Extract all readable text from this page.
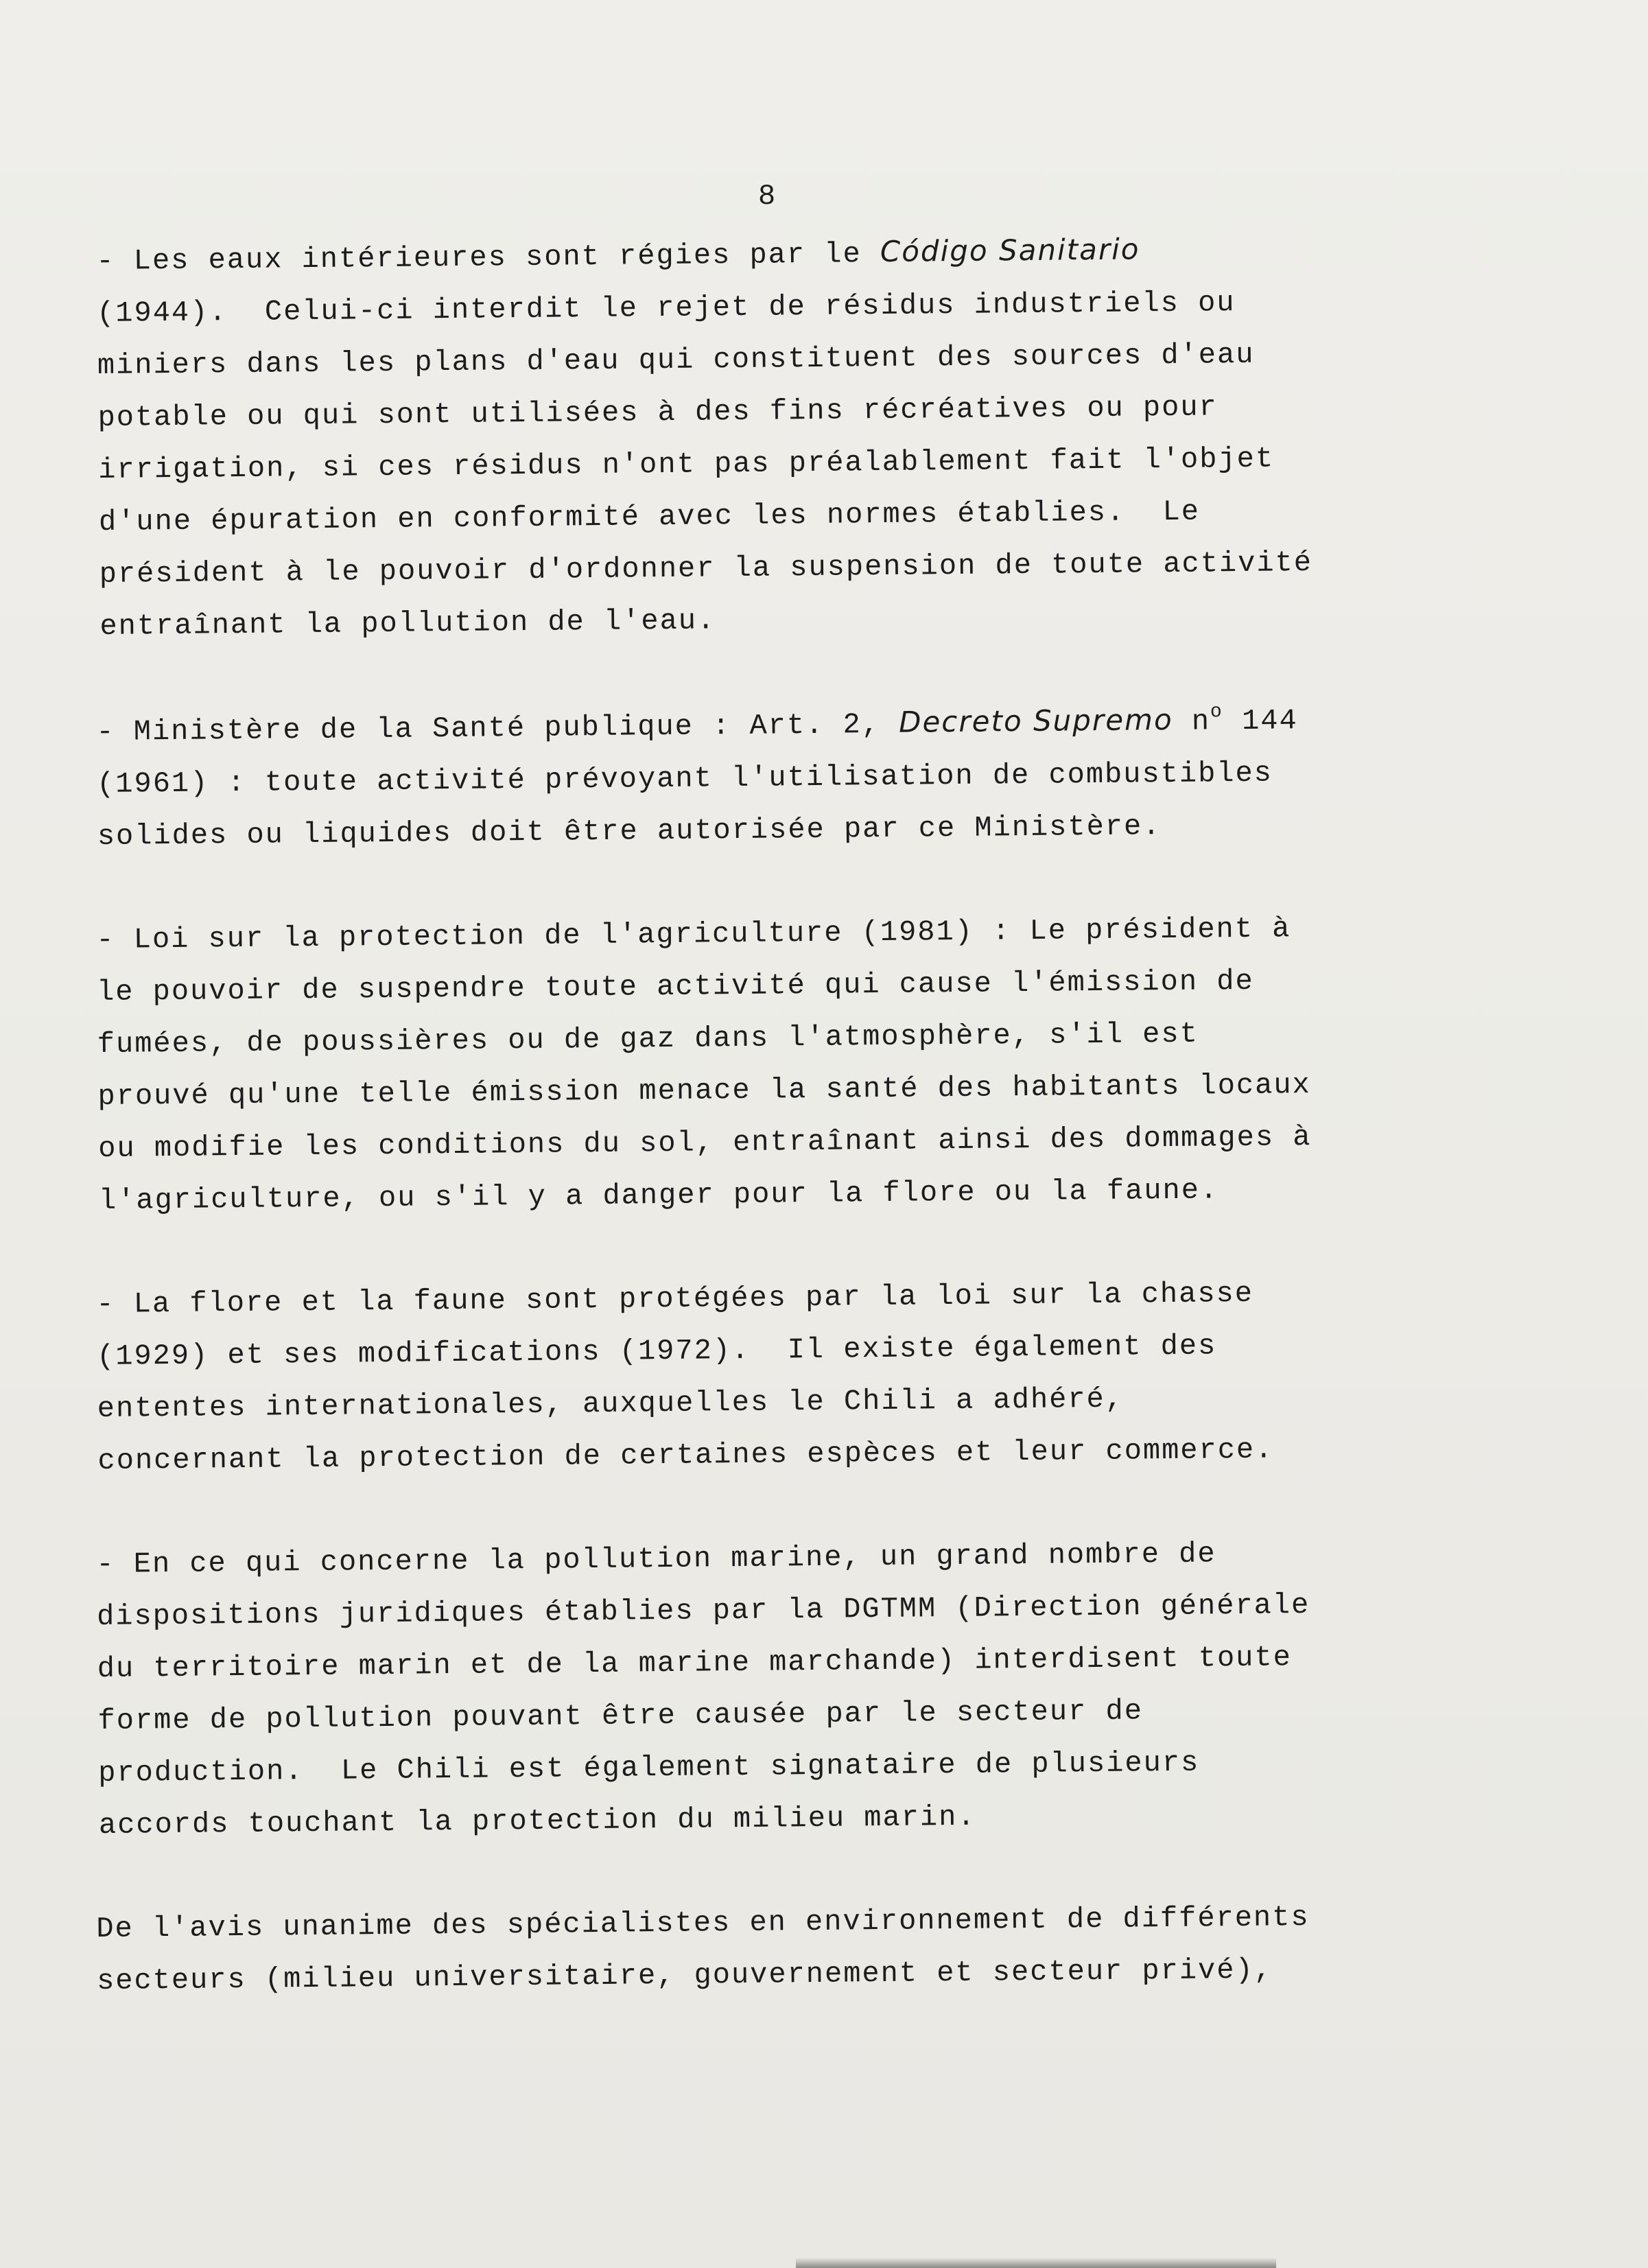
8

- Les eaux intérieures sont régies par le Código Sanitario
(1944).  Celui-ci interdit le rejet de résidus industriels ou
miniers dans les plans d'eau qui constituent des sources d'eau
potable ou qui sont utilisées à des fins récréatives ou pour
irrigation, si ces résidus n'ont pas préalablement fait l'objet
d'une épuration en conformité avec les normes établies.  Le
président à le pouvoir d'ordonner la suspension de toute activité
entraînant la pollution de l'eau.

- Ministère de la Santé publique : Art. 2, Decreto Supremo $n^o$ 144
(1961) : toute activité prévoyant l'utilisation de combustibles
solides ou liquides doit être autorisée par ce Ministère.

- Loi sur la protection de l'agriculture (1981) : Le président à
le pouvoir de suspendre toute activité qui cause l'émission de
fumées, de poussières ou de gaz dans l'atmosphère, s'il est
prouvé qu'une telle émission menace la santé des habitants locaux
ou modifie les conditions du sol, entraînant ainsi des dommages à
l'agriculture, ou s'il y a danger pour la flore ou la faune.

- La flore et la faune sont protégées par la loi sur la chasse
(1929) et ses modifications (1972).  Il existe également des
ententes internationales, auxquelles le Chili a adhéré,
concernant la protection de certaines espèces et leur commerce.

- En ce qui concerne la pollution marine, un grand nombre de
dispositions juridiques établies par la DGTMM (Direction générale
du territoire marin et de la marine marchande) interdisent toute
forme de pollution pouvant être causée par le secteur de
production.  Le Chili est également signataire de plusieurs
accords touchant la protection du milieu marin.

De l'avis unanime des spécialistes en environnement de différents
secteurs (milieu universitaire, gouvernement et secteur privé),
